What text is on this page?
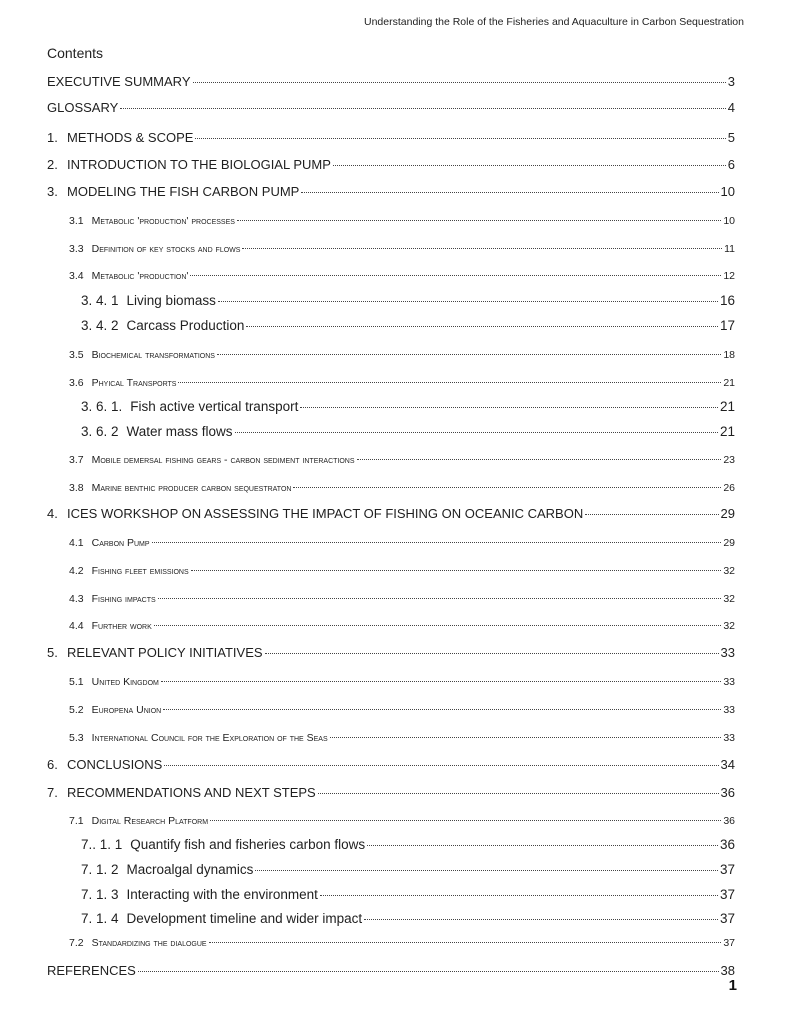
Understanding the Role of the Fisheries and Aquaculture in Carbon Sequestration
Contents
EXECUTIVE SUMMARY	3
GLOSSARY	4
1. METHODS & SCOPE	5
2. INTRODUCTION TO THE BIOLOGIAL PUMP	6
3. MODELING THE FISH CARBON PUMP	10
3.1 Metabolic 'production' processes	10
3.3 Definition of key stocks and flows	11
3.4 Metabolic 'production'	12
3. 4. 1 Living biomass	16
3. 4. 2 Carcass Production	17
3.5 Biochemical transformations	18
3.6 Phyical Transports	21
3. 6. 1. Fish active vertical transport	21
3. 6. 2 Water mass flows	21
3.7 Mobile demersal fishing gears - carbon sediment interactions	23
3.8 Marine benthic producer carbon sequestraton	26
4. ICES WORKSHOP ON ASSESSING THE IMPACT OF FISHING ON OCEANIC CARBON	29
4.1 Carbon Pump	29
4.2 Fishing fleet emissions	32
4.3 Fishing impacts	32
4.4 Further work	32
5. RELEVANT POLICY INITIATIVES	33
5.1 United Kingdom	33
5.2 Europena Union	33
5.3 International Council for the Exploration of the Seas	33
6. CONCLUSIONS	34
7. RECOMMENDATIONS AND NEXT STEPS	36
7.1 Digital Research Platform	36
7.. 1. 1 Quantify fish and fisheries carbon flows	36
7. 1. 2 Macroalgal dynamics	37
7. 1. 3 Interacting with the environment	37
7. 1. 4 Development timeline and wider impact	37
7.2 Standardizing the dialogue	37
REFERENCES	38
1
